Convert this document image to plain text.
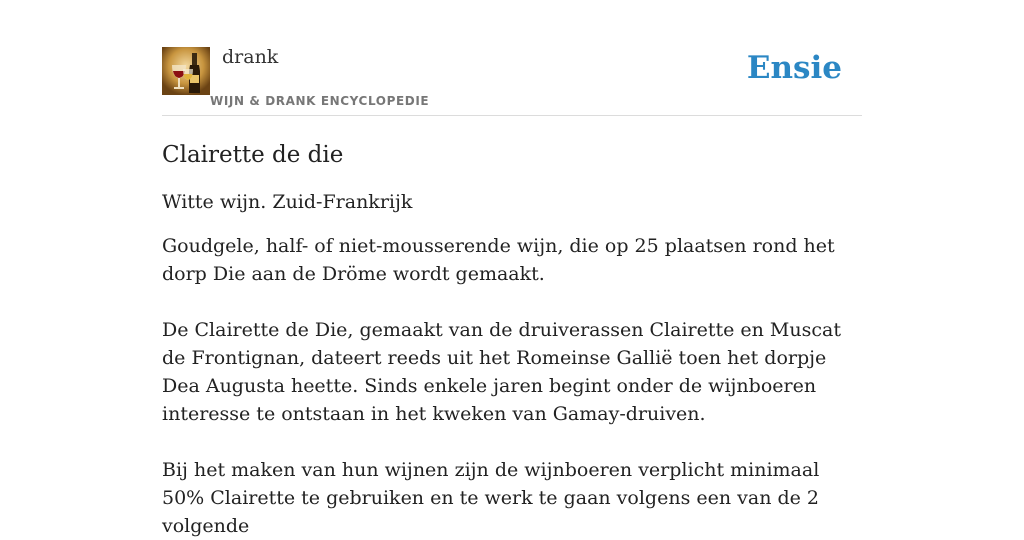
drank
WIJN & DRANK ENCYCLOPEDIE
Ensie
Clairette de die
Witte wijn. Zuid-Frankrijk

Goudgele, half- of niet-mousserende wijn, die op 25 plaatsen rond het dorp Die aan de Dröme wordt gemaakt.

De Clairette de Die, gemaakt van de druiverassen Clairette en Muscat de Frontignan, dateert reeds uit het Romeinse Gallië toen het dorpje Dea Augusta heette. Sinds enkele jaren begint onder de wijnboeren interesse te ontstaan in het kweken van Gamay-druiven.

Bij het maken van hun wijnen zijn de wijnboeren verplicht minimaal 50% Clairette te gebruiken en te werk te gaan volgens een van de 2 volgende
